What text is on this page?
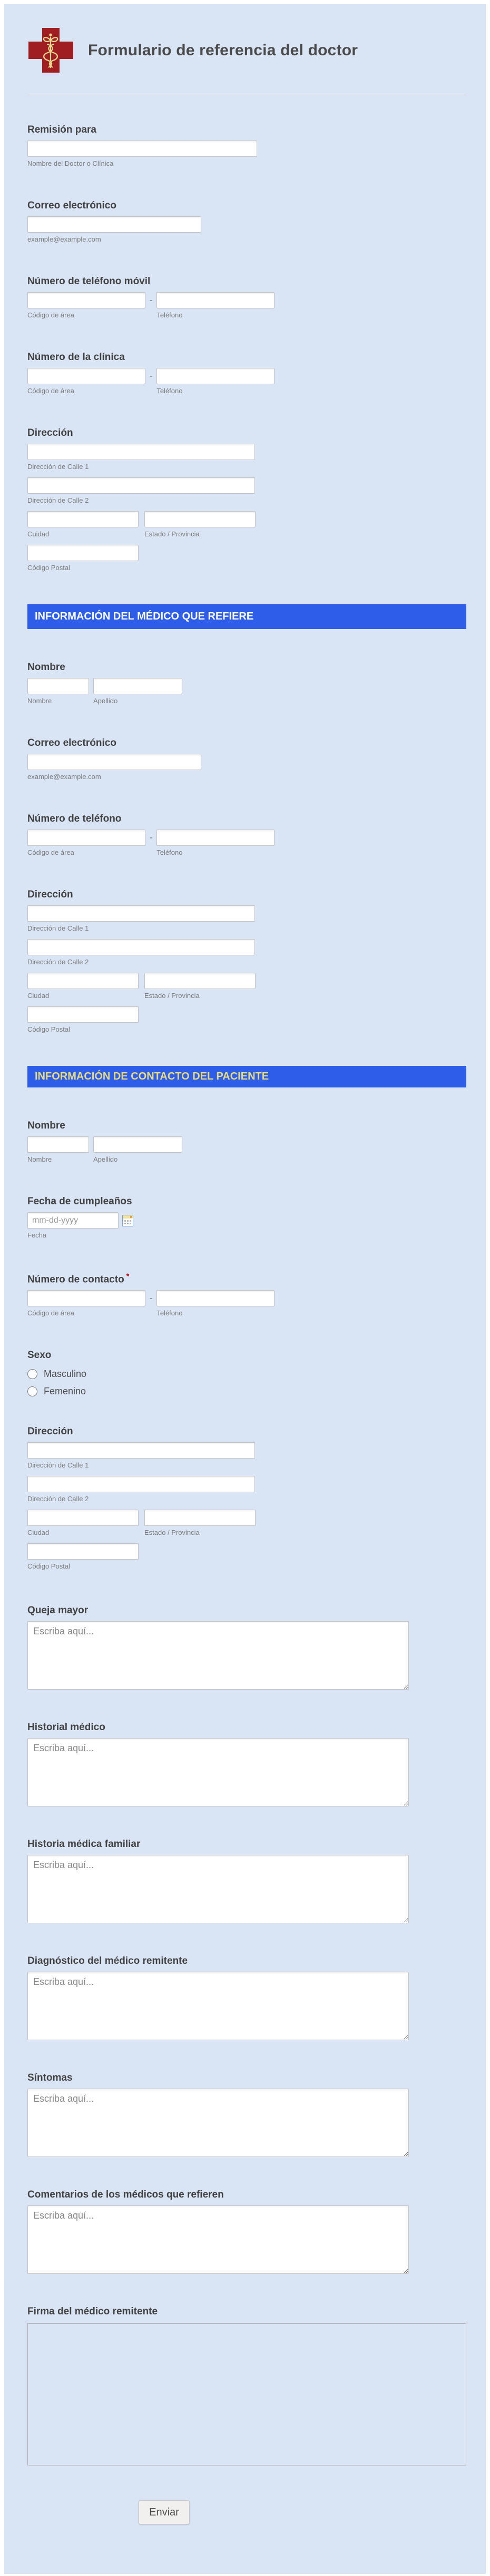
Formulario de referencia del doctor
Remisión para
Nombre del Doctor o Clínica
Correo electrónico
example@example.com
Número de teléfono móvil
Código de área
-
Teléfono
Número de la clínica
Código de área
-
Teléfono
Dirección
Dirección de Calle 1
Dirección de Calle 2
Cuidad	Estado / Provincia
Código Postal
INFORMACIÓN DEL MÉDICO QUE REFIERE
Nombre
Nombre	Apellido
Correo electrónico
example@example.com
Número de teléfono
Código de área
-
Teléfono
Dirección
Dirección de Calle 1
Dirección de Calle 2
Ciudad	Estado / Provincia
Código Postal
INFORMACIÓN DE CONTACTO DEL PACIENTE
Nombre
Nombre	Apellido
Fecha de cumpleaños
mm-dd-yyyy
Fecha
Número de contacto *
Código de área
-
Teléfono
Sexo
Masculino
Femenino
Dirección
Dirección de Calle 1
Dirección de Calle 2
Ciudad	Estado / Provincia
Código Postal
Queja mayor
Escriba aquí...
Historial médico
Escriba aquí...
Historia médica familiar
Escriba aquí...
Diagnóstico del médico remitente
Escriba aquí...
Síntomas
Escriba aquí...
Comentarios de los médicos que refieren
Escriba aquí...
Firma del médico remitente
Enviar
